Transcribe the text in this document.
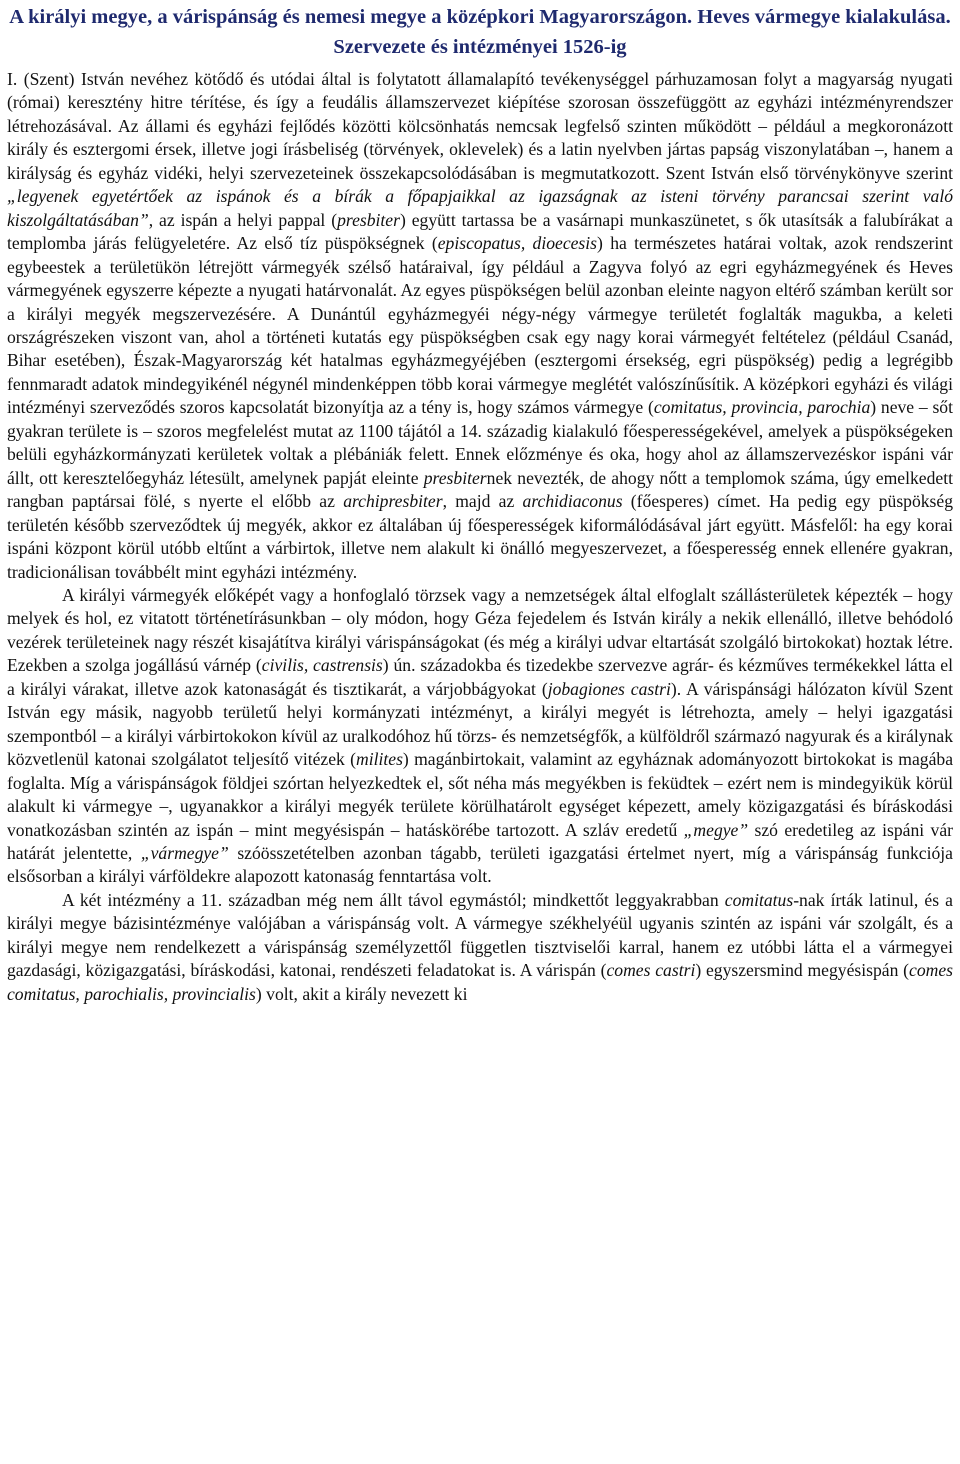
A királyi megye, a várispánság és nemesi megye a középkori Magyarországon. Heves vármegye kialakulása. Szervezete és intézményei 1526-ig

I. (Szent) István nevéhez kötődő és utódai által is folytatott államalapító tevékenységgel párhuzamosan folyt a magyarság nyugati (római) keresztény hitre térítése, és így a feudális államszervezet kiépítése szorosan összefüggött az egyházi intézményrendszer létrehozásával. Az állami és egyházi fejlődés közötti kölcsönhatás nemcsak legfelső szinten működött – például a megkoronázott király és esztergomi érsek, illetve jogi írásbeliség (törvények, oklevelek) és a latin nyelvben jártas papság viszonylatában –, hanem a királyság és egyház vidéki, helyi szervezeteinek összekapcsolódásában is megmutatkozott. Szent István első törvénykönyve szerint „legyenek egyetértőek az ispánok és a bírák a főpapjaikkal az igazságnak az isteni törvény parancsai szerint való kiszolgáltatásában”, az ispán a helyi pappal (presbiter) együtt tartassa be a vasárnapi munkaszünetet, s ők utasítsák a falubírákat a templomba járás felügyeletére. Az első tíz püspökségnek (episcopatus, dioecesis) ha természetes határai voltak, azok rendszerint egybeestek a területükön létrejött vármegyék szélső határaival, így például a Zagyva folyó az egri egyházmegyének és Heves vármegyének egyszerre képezte a nyugati határvonalát. Az egyes püspökségen belül azonban eleinte nagyon eltérő számban került sor a királyi megyék megszervezésére. A Dunántúl egyházmegyéi négy-négy vármegye területét foglalták magukba, a keleti országrészeken viszont van, ahol a történeti kutatás egy püspökségben csak egy nagy korai vármegyét feltételez (például Csanád, Bihar esetében), Észak-Magyarország két hatalmas egyházmegyéjében (esztergomi érsekség, egri püspökség) pedig a legrégibb fennmaradt adatok mindegyikénél négynél mindenképpen több korai vármegye meglétét valószínűsítik. A középkori egyházi és világi intézményi szerveződés szoros kapcsolatát bizonyítja az a tény is, hogy számos vármegye (comitatus, provincia, parochia) neve – sőt gyakran területe is – szoros megfelelést mutat az 1100 tájától a 14. századig kialakuló főesperességekével, amelyek a püspökségeken belüli egyházkormányzati kerületek voltak a plébániák felett. Ennek előzménye és oka, hogy ahol az államszervezéskor ispáni vár állt, ott keresztelőegyház létesült, amelynek papját eleinte presbiternek nevezték, de ahogy nőtt a templomok száma, úgy emelkedett rangban paptársai fölé, s nyerte el előbb az archipresbiter, majd az archidiaconus (főesperes) címet. Ha pedig egy püspökség területén később szerveződtek új megyék, akkor ez általában új főesperességek kiformálódásával járt együtt. Másfelől: ha egy korai ispáni központ körül utóbb eltűnt a várbirtok, illetve nem alakult ki önálló megyeszervezet, a főesperesség ennek ellenére gyakran, tradicionálisan továbbélt mint egyházi intézmény.

A királyi vármegyék előképét vagy a honfoglaló törzsek vagy a nemzetségek által elfoglalt szállásterületek képezték – hogy melyek és hol, ez vitatott történetírásunkban – oly módon, hogy Géza fejedelem és István király a nekik ellenálló, illetve behódoló vezérek területeinek nagy részét kisajátítva királyi várispánságokat (és még a királyi udvar eltartását szolgáló birtokokat) hoztak létre. Ezekben a szolga jogállású várnép (civilis, castrensis) ún. századokba és tizedekbe szervezve agrár- és kézműves termékekkel látta el a királyi várakat, illetve azok katonaságát és tisztikarát, a várjobbágyokat (jobagiones castri). A várispánsági hálózaton kívül Szent István egy másik, nagyobb területű helyi kormányzati intézményt, a királyi megyét is létrehozta, amely – helyi igazgatási szempontból – a királyi várbirtokokon kívül az uralkodóhoz hű törzs- és nemzetségfők, a külföldről származó nagyurak és a királynak közvetlenül katonai szolgálatot teljesítő vitézek (milites) magánbirtokait, valamint az egyháznak adományozott birtokokat is magába foglalta. Míg a várispánságok földjei szórtan helyezkedtek el, sőt néha más megyékben is feküdtek – ezért nem is mindegyikük körül alakult ki vármegye –, ugyanakkor a királyi megyék területe körülhatárolt egységet képezett, amely közigazgatási és bíráskodási vonatkozásban szintén az ispán – mint megyésispán – hatáskörébe tartozott. A szláv eredetű „megye” szó eredetileg az ispáni vár határát jelentette, „vármegye” szóösszetételben azonban tágabb, területi igazgatási értelmet nyert, míg a várispánság funkciója elsősorban a királyi várföldekre alapozott katonaság fenntartása volt.

A két intézmény a 11. században még nem állt távol egymástól; mindkettőt leggyakrabban comitatus-nak írták latinul, és a királyi megye bázisintézménye valójában a várispánság volt. A vármegye székhelyéül ugyanis szintén az ispáni vár szolgált, és a királyi megye nem rendelkezett a várispánság személyzettől független tisztviselői karral, hanem ez utóbbi látta el a vármegyei gazdasági, közigazgatási, bíráskodási, katonai, rendészeti feladatokat is. A várispán (comes castri) egyszersmind megyésispán (comes comitatus, parochialis, provincialis) volt, akit a király nevezett ki
